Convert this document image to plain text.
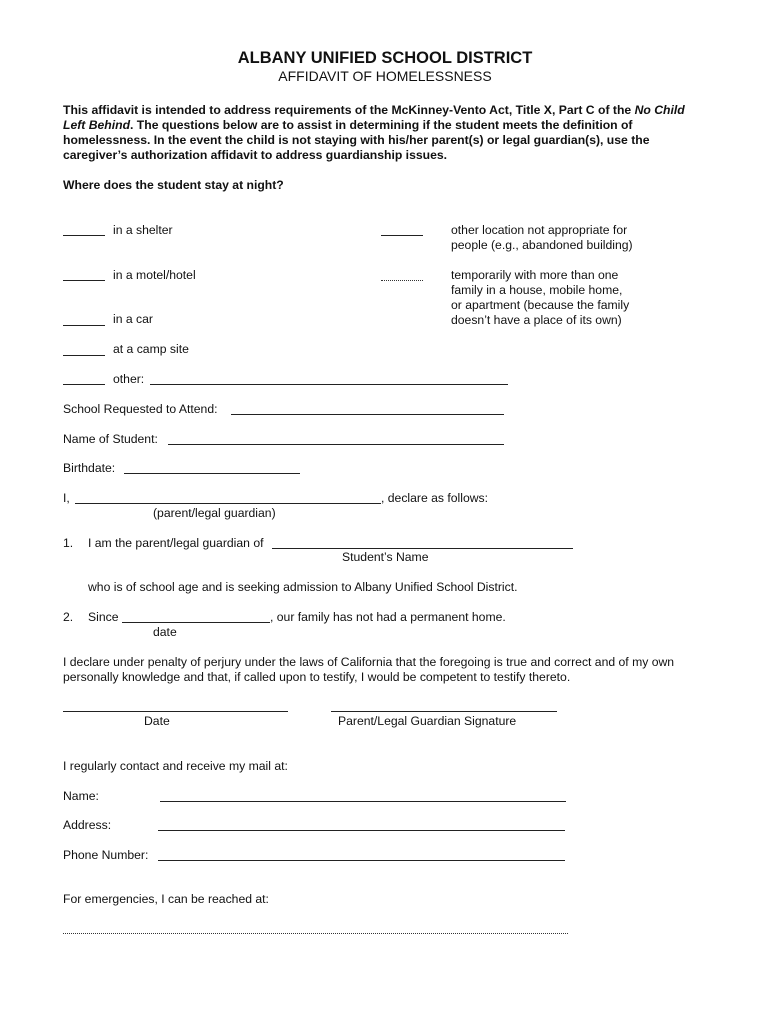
ALBANY UNIFIED SCHOOL DISTRICT
AFFIDAVIT OF HOMELESSNESS
This affidavit is intended to address requirements of the McKinney-Vento Act, Title X, Part C of the No Child Left Behind. The questions below are to assist in determining if the student meets the definition of homelessness. In the event the child is not staying with his/her parent(s) or legal guardian(s), use the caregiver’s authorization affidavit to address guardianship issues.
Where does the student stay at night?
in a shelter
in a motel/hotel
in a car
at a camp site
other:
other location not appropriate for
people (e.g., abandoned building)
temporarily with more than one
family in a house, mobile home,
or apartment (because the family
doesn’t have a place of its own)
School Requested to Attend:
Name of Student:
Birthdate:
I,	, declare as follows:
(parent/legal guardian)
1. I am the parent/legal guardian of
Student’s Name
who is of school age and is seeking admission to Albany Unified School District.
2. Since	, our family has not had a permanent home.
date
I declare under penalty of perjury under the laws of California that the foregoing is true and correct and of my own personally knowledge and that, if called upon to testify, I would be competent to testify thereto.
Date	Parent/Legal Guardian Signature
I regularly contact and receive my mail at:
Name:
Address:
Phone Number:
For emergencies, I can be reached at:
